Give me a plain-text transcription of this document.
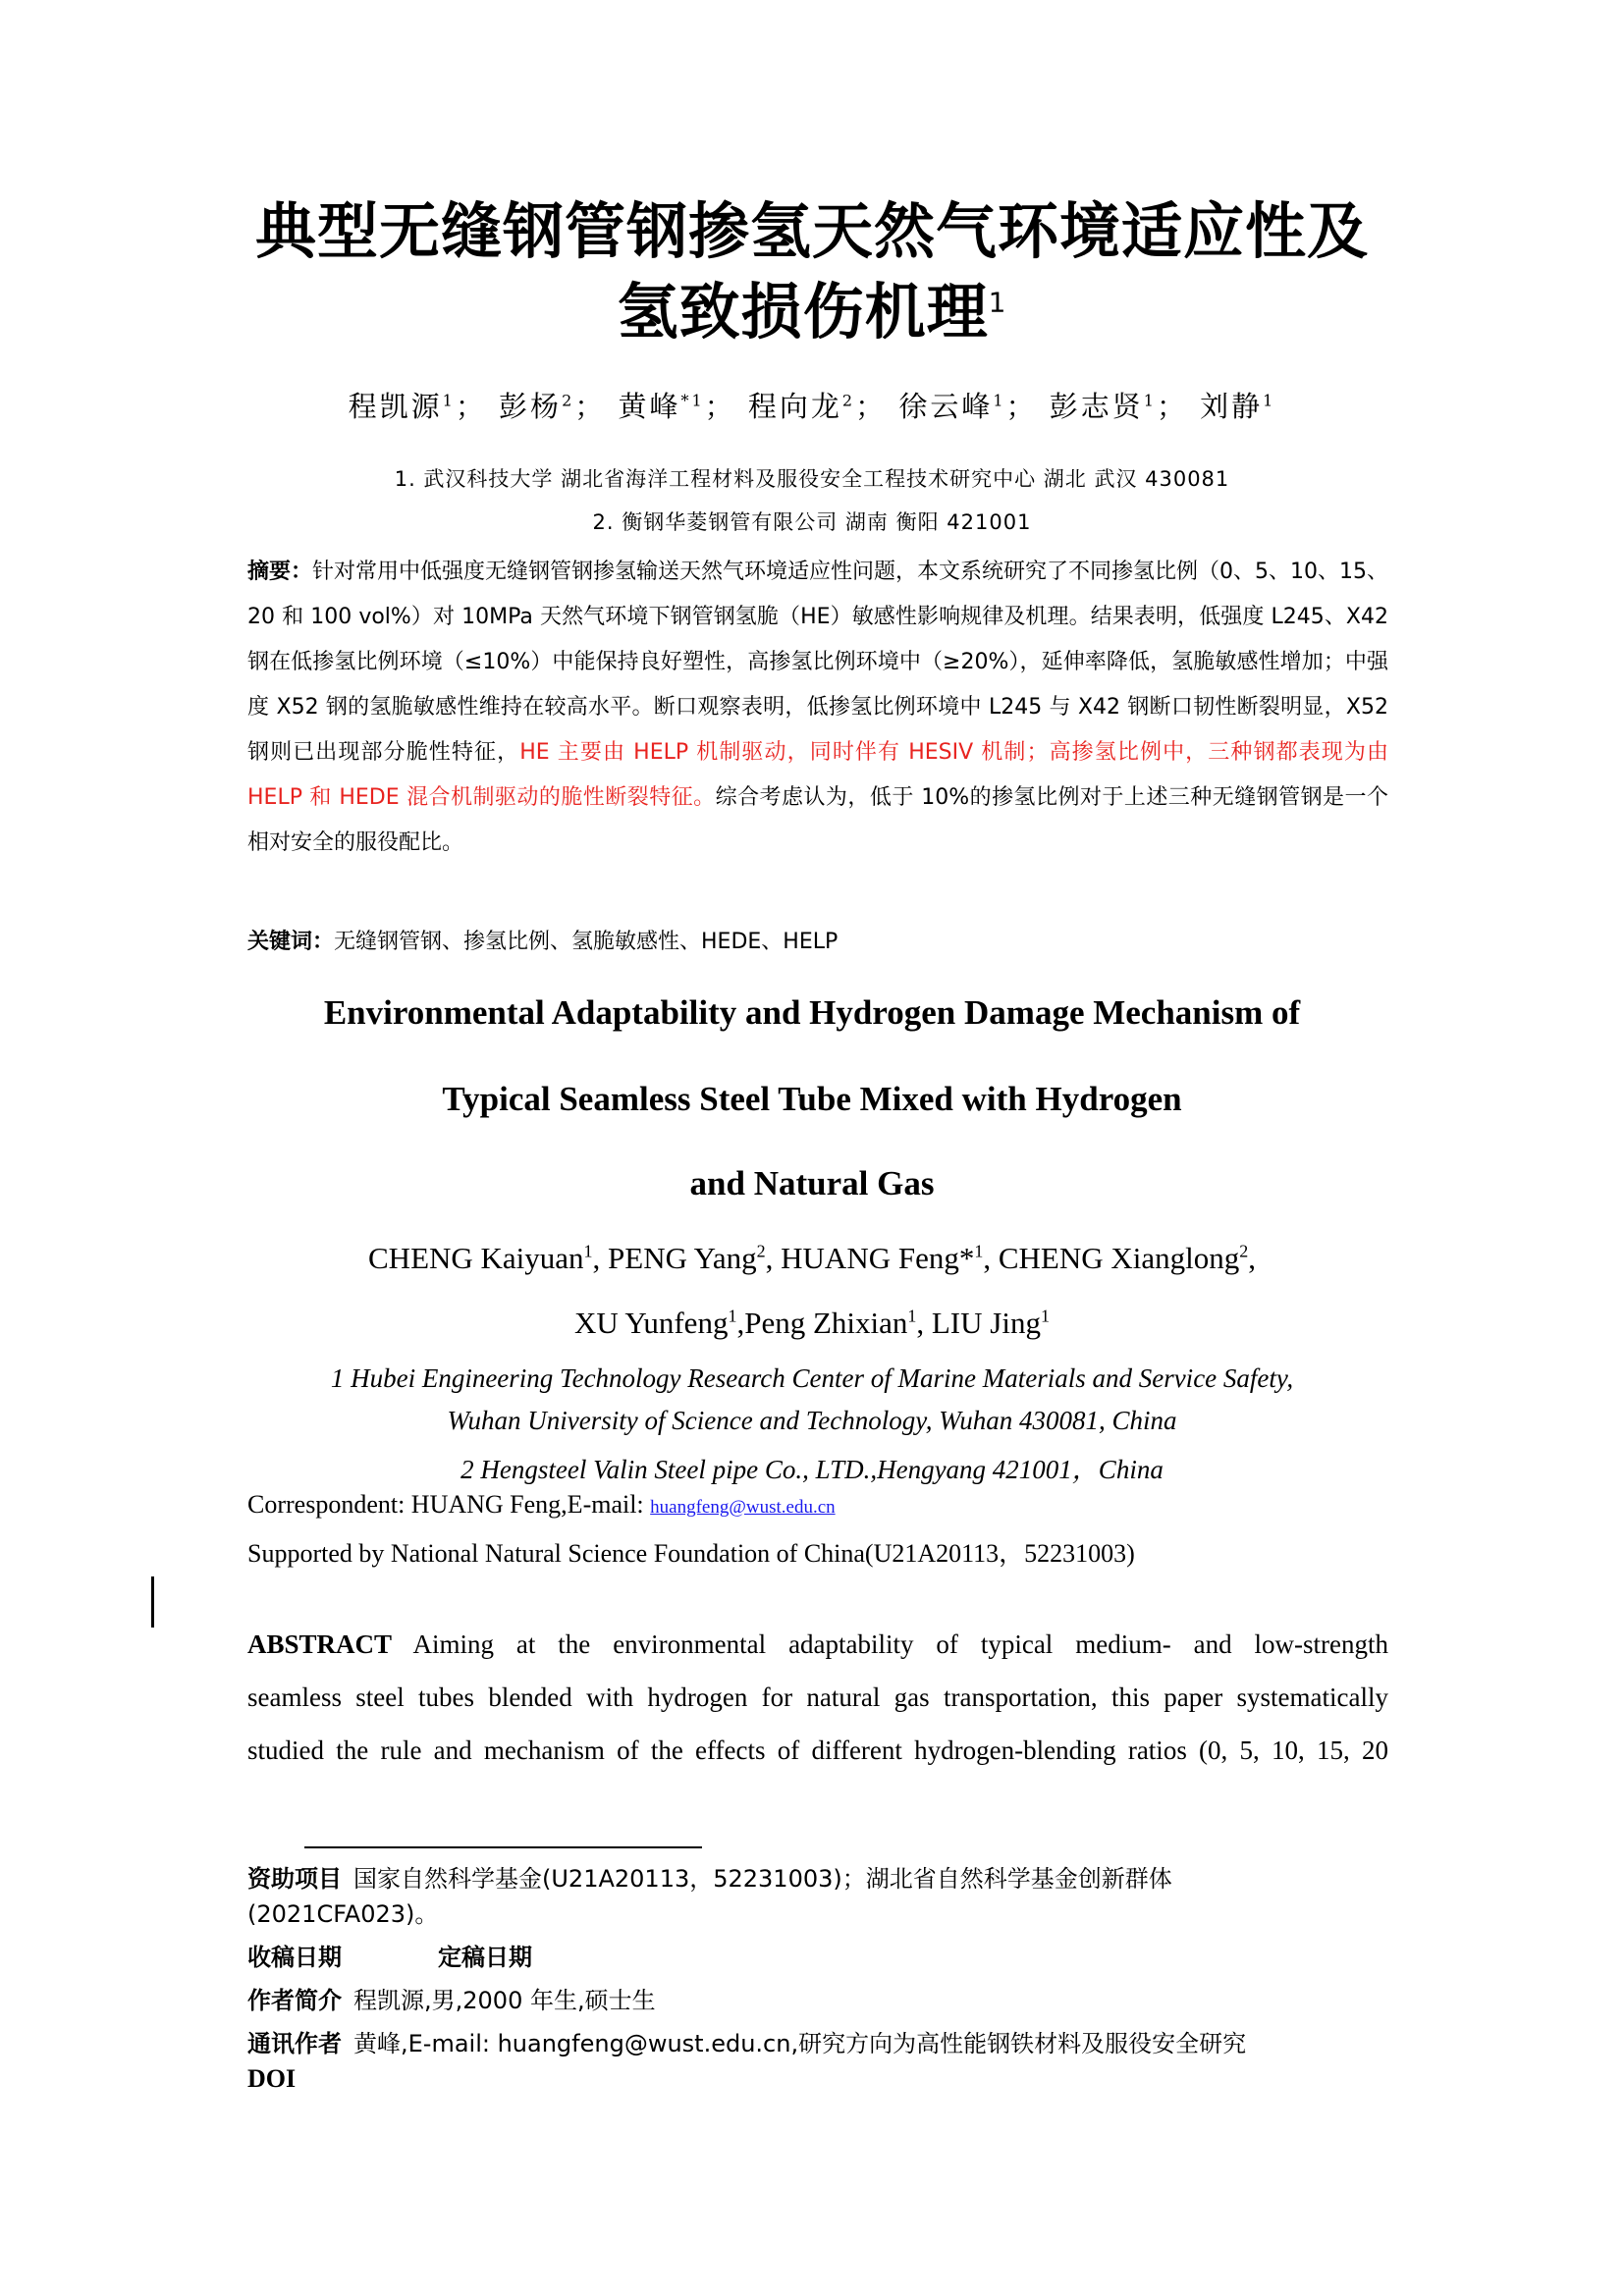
典型无缝钢管钢掺氢天然气环境适应性及
氢致损伤机理$^1$
程凯源$^1$； 彭杨$^2$； 黄峰$^{*1}$； 程向龙$^2$； 徐云峰$^1$； 彭志贤$^1$； 刘静$^1$
1. 武汉科技大学 湖北省海洋工程材料及服役安全工程技术研究中心 湖北 武汉 430081
2. 衡钢华菱钢管有限公司 湖南 衡阳 421001
摘要：针对常用中低强度无缝钢管钢掺氢输送天然气环境适应性问题，本文系统研究了不同掺氢比例（0、5、10、15、20 和 100 vol%）对 10MPa 天然气环境下钢管钢氢脆（HE）敏感性影响规律及机理。结果表明，低强度 L245、X42 钢在低掺氢比例环境（≤10%）中能保持良好塑性，高掺氢比例环境中（≥20%），延伸率降低，氢脆敏感性增加；中强度 X52 钢的氢脆敏感性维持在较高水平。断口观察表明，低掺氢比例环境中 L245 与 X42 钢断口韧性断裂明显，X52 钢则已出现部分脆性特征，HE 主要由 HELP 机制驱动，同时伴有 HESIV 机制；高掺氢比例中，三种钢都表现为由 HELP 和 HEDE 混合机制驱动的脆性断裂特征。综合考虑认为，低于 10%的掺氢比例对于上述三种无缝钢管钢是一个相对安全的服役配比。
关键词：无缝钢管钢、掺氢比例、氢脆敏感性、HEDE、HELP
Environmental Adaptability and Hydrogen Damage Mechanism of
Typical Seamless Steel Tube Mixed with Hydrogen
and Natural Gas
CHENG Kaiyuan$^1$, PENG Yang$^2$, HUANG Feng*$^1$, CHENG Xianglong$^2$,
XU Yunfeng$^1$,Peng Zhixian$^1$, LIU Jing$^1$
1 Hubei Engineering Technology Research Center of Marine Materials and Service Safety,
Wuhan University of Science and Technology, Wuhan 430081, China
2 Hengsteel Valin Steel pipe Co., LTD.,Hengyang 421001，China
Correspondent: HUANG Feng,E-mail: huangfeng@wust.edu.cn
Supported by National Natural Science Foundation of China(U21A20113，52231003)
ABSTRACT Aiming at the environmental adaptability of typical medium- and low-strength
seamless steel tubes blended with hydrogen for natural gas transportation, this paper systematically
studied the rule and mechanism of the effects of different hydrogen-blending ratios (0, 5, 10, 15, 20
资助项目 国家自然科学基金(U21A20113，52231003)；湖北省自然科学基金创新群体
(2021CFA023)。
收稿日期	定稿日期
作者简介 程凯源,男,2000 年生,硕士生
通讯作者 黄峰,E-mail: huangfeng@wust.edu.cn,研究方向为高性能钢铁材料及服役安全研究
DOI
